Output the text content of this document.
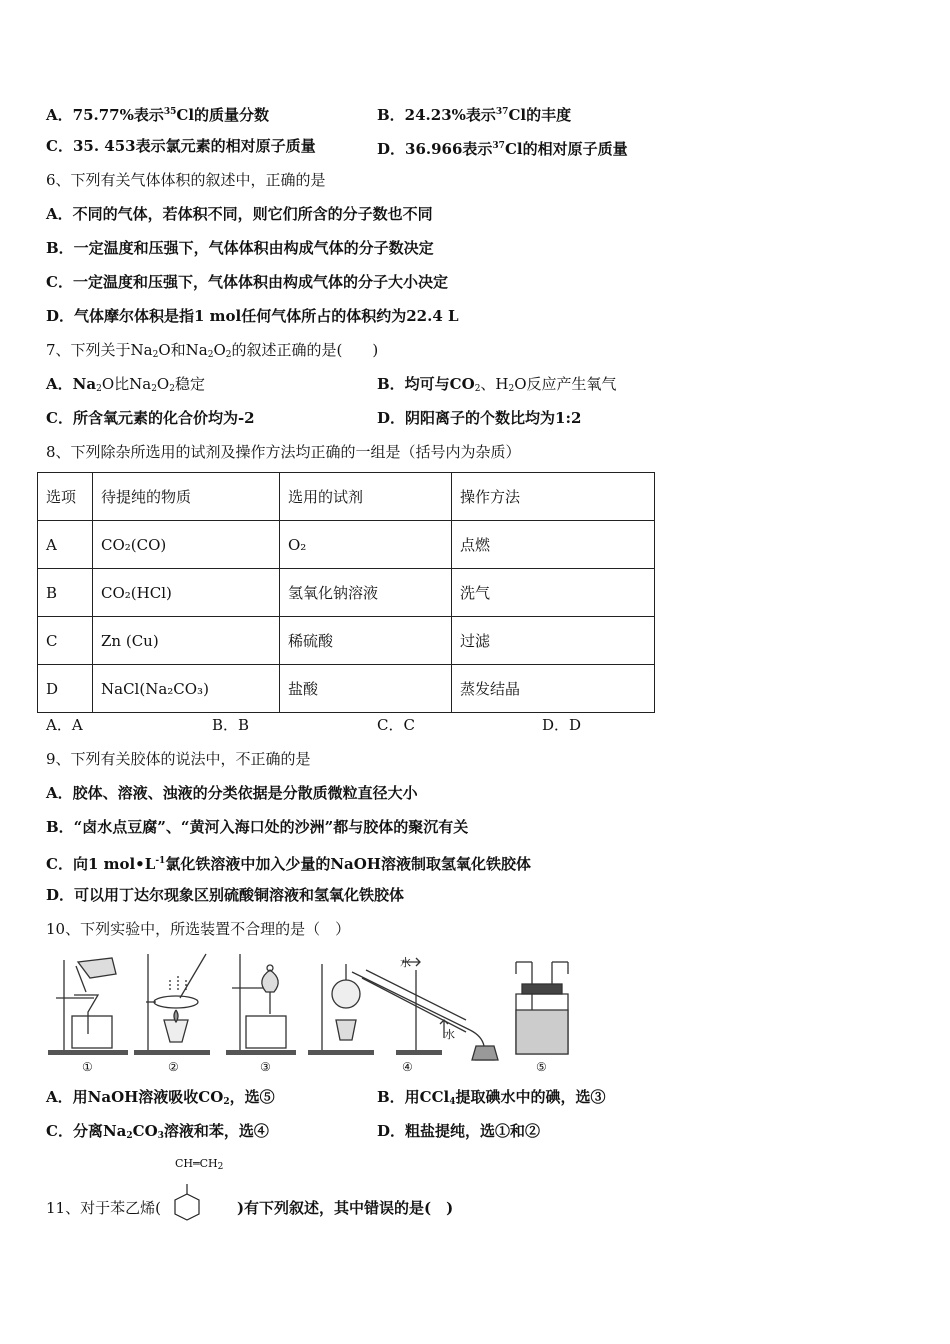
A．75.77%表示$^{35}$Cl的质量分数	B．24.23%表示$^{37}$Cl的丰度
C．35. 453表示氯元素的相对原子质量	D．36.966表示$^{37}$Cl的相对原子质量
6、下列有关气体体积的叙述中，正确的是
A．不同的气体，若体积不同，则它们所含的分子数也不同
B．一定温度和压强下，气体体积由构成气体的分子数决定
C．一定温度和压强下，气体体积由构成气体的分子大小决定
D．气体摩尔体积是指1 mol任何气体所占的体积约为22.4 L
7、下列关于$Na_2O$和$Na_2O_2$的叙述正确的是(　　)
A．$Na_2O$比$Na_2O_2$稳定	B．均可与$CO_2$、$H_2O$反应产生氧气
C．所含氧元素的化合价均为-2	D．阴阳离子的个数比均为1:2
8、下列除杂所选用的试剂及操作方法均正确的一组是（括号内为杂质）
选项	待提纯的物质	选用的试剂	操作方法
A	CO₂(CO)	O₂	点燃
B	CO₂(HCl)	氢氧化钠溶液	洗气
C	Zn (Cu)	稀硫酸	过滤
D	NaCl(Na₂CO₃)	盐酸	蒸发结晶
A．A	B．B	C．C	D．D
9、下列有关胶体的说法中，不正确的是
A．胶体、溶液、浊液的分类依据是分散质微粒直径大小
B．“卤水点豆腐”、“黄河入海口处的沙洲”都与胶体的聚沉有关
C．向1 $mol•L^{-1}$氯化铁溶液中加入少量的NaOH溶液制取氢氧化铁胶体
D．可以用丁达尔现象区别硫酸铜溶液和氢氧化铁胶体
10、下列实验中，所选装置不合理的是（　）
水
水
①	②	③	④	⑤
A．用NaOH溶液吸收$CO_2$，选⑤	B．用CCl$_4$提取碘水中的碘，选③
C．分离$Na_2CO_3$溶液和苯，选④	D．粗盐提纯，选①和②
11、对于苯乙烯(
$CH═CH_2$
)有下列叙述，其中错误的是(　)
